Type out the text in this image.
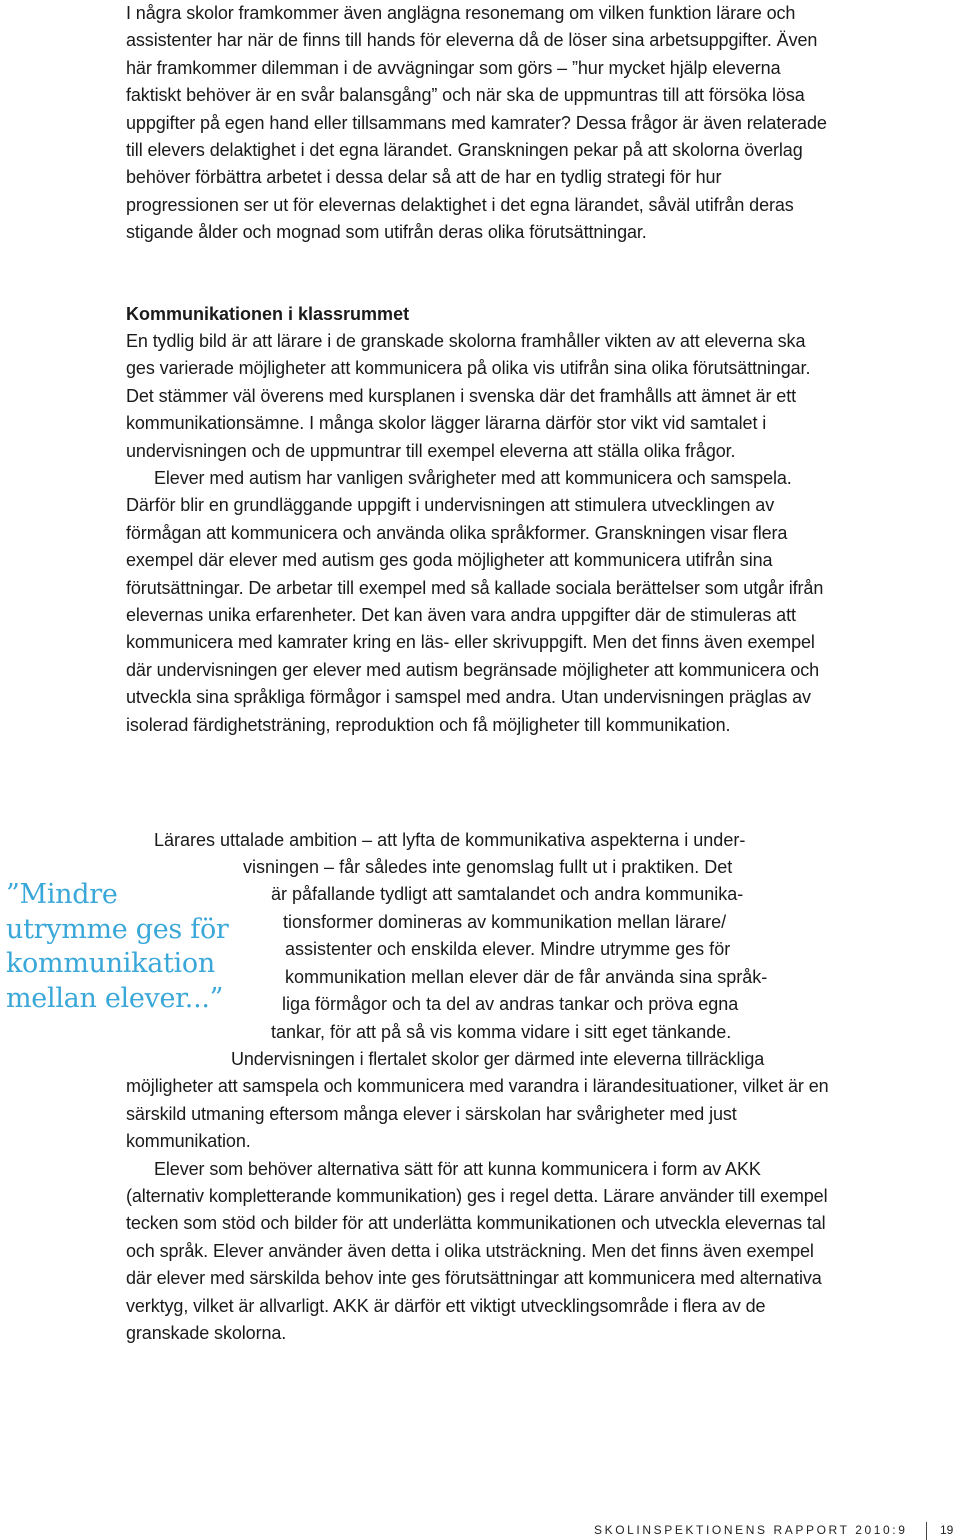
I några skolor framkommer även anglägna resonemang om vilken funktion lärare och assistenter har när de finns till hands för eleverna då de löser sina arbetsuppgifter. Även här framkommer dilemman i de avvägningar som görs – ”hur mycket hjälp eleverna faktiskt behöver är en svår balansgång” och när ska de uppmuntras till att försöka lösa uppgifter på egen hand eller tillsammans med kamrater? Dessa frågor är även relaterade till elevers delaktighet i det egna lärandet. Granskningen pekar på att skolorna överlag behöver förbättra arbetet i dessa delar så att de har en tydlig strategi för hur progressionen ser ut för elevernas delaktighet i det egna lärandet, såväl utifrån deras stigande ålder och mognad som utifrån deras olika förutsättningar.

Kommunikationen i klassrummet

En tydlig bild är att lärare i de granskade skolorna framhåller vikten av att eleverna ska ges varierade möjligheter att kommunicera på olika vis utifrån sina olika förutsättningar. Det stämmer väl överens med kursplanen i svenska där det framhålls att ämnet är ett kommunikationsämne. I många skolor lägger lärarna därför stor vikt vid samtalet i undervisningen och de uppmuntrar till exempel eleverna att ställa olika frågor.

Elever med autism har vanligen svårigheter med att kommunicera och samspela. Därför blir en grundläggande uppgift i undervisningen att stimulera utvecklingen av förmågan att kommunicera och använda olika språkformer. Granskningen visar flera exempel där elever med autism ges goda möjligheter att kommunicera utifrån sina förutsättningar. De arbetar till exempel med så kallade sociala berättelser som utgår ifrån elevernas unika erfarenheter. Det kan även vara andra uppgifter där de stimuleras att kommunicera med kamrater kring en läs- eller skrivuppgift. Men det finns även exempel där undervisningen ger elever med autism begränsade möjligheter att kommunicera och utveckla sina språkliga förmågor i samspel med andra. Utan undervisningen präglas av isolerad färdighetsträning, reproduktion och få möjligheter till kommunikation.

Lärares uttalade ambition – att lyfta de kommunikativa aspekterna i under-
visningen – får således inte genomslag fullt ut i praktiken. Det
är påfallande tydligt att samtalandet och andra kommunika-
tionsformer domineras av kommunikation mellan lärare/
assistenter och enskilda elever. Mindre utrymme ges för
kommunikation mellan elever där de får använda sina språk-
liga förmågor och ta del av andras tankar och pröva egna
tankar, för att på så vis komma vidare i sitt eget tänkande.

”Mindre

utrymme ges för

kommunikation

mellan elever...”

Undervisningen i flertalet skolor ger därmed inte eleverna tillräckliga möjligheter att samspela och kommunicera med varandra i lärandesituationer, vilket är en särskild utmaning eftersom många elever i särskolan har svårigheter med just kommunikation.

Elever som behöver alternativa sätt för att kunna kommunicera i form av AKK (alternativ kompletterande kommunikation) ges i regel detta. Lärare använder till exempel tecken som stöd och bilder för att underlätta kommunikationen och utveckla elevernas tal och språk. Elever använder även detta i olika utsträckning. Men det finns även exempel där elever med särskilda behov inte ges förutsättningar att kommunicera med alternativa verktyg, vilket är allvarligt. AKK är därför ett viktigt utvecklingsområde i flera av de granskade skolorna.

SKOLINSPEKTIONENS RAPPORT 2010:9	19
